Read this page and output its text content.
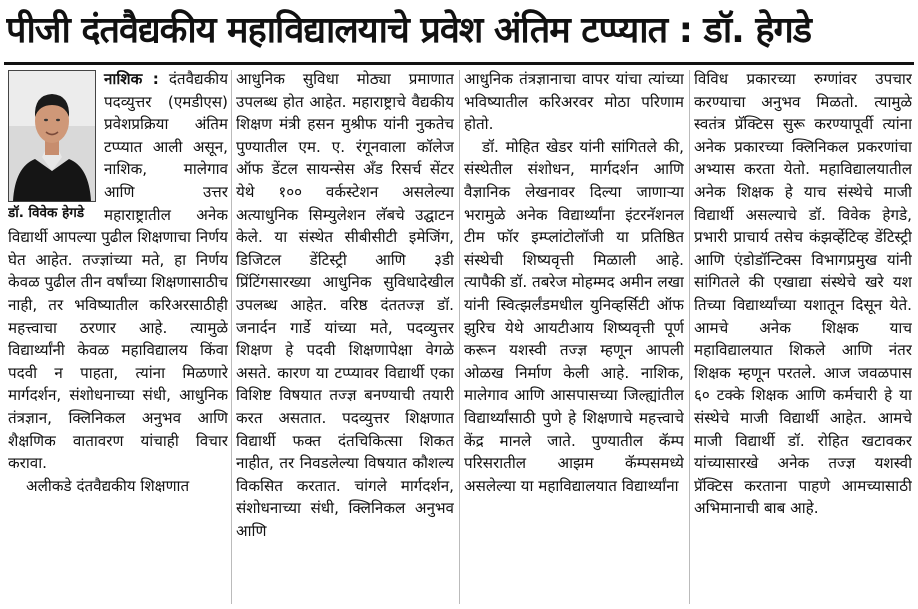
पीजी दंतवैद्यकीय महाविद्यालयाचे प्रवेश अंतिम टप्प्यात : डॉ. हेगडे
डॉ. विवेक हेगडे

नाशिक : दंतवैद्यकीय पदव्युत्तर (एमडीएस) प्रवेशप्रक्रिया अंतिम टप्प्यात आली असून, नाशिक, मालेगाव आणि उत्तर महाराष्ट्रातील अनेक विद्यार्थी आपल्या पुढील शिक्षणाचा निर्णय घेत आहेत. तज्ज्ञांच्या मते, हा निर्णय केवळ पुढील तीन वर्षांच्या शिक्षणासाठीच नाही, तर भविष्यातील करिअरसाठीही महत्त्वाचा ठरणार आहे. त्यामुळे विद्यार्थ्यांनी केवळ महाविद्यालय किंवा पदवी न पाहता, त्यांना मिळणारे मार्गदर्शन, संशोधनाच्या संधी, आधुनिक तंत्रज्ञान, क्लिनिकल अनुभव आणि शैक्षणिक वातावरण यांचाही विचार करावा.

अलीकडे दंतवैद्यकीय शिक्षणात

आधुनिक सुविधा मोठ्या प्रमाणात उपलब्ध होत आहेत. महाराष्ट्राचे वैद्यकीय शिक्षण मंत्री हसन मुश्रीफ यांनी नुकतेच पुण्यातील एम. ए. रंगूनवाला कॉलेज ऑफ डेंटल सायन्सेस अँड रिसर्च सेंटर येथे १०० वर्कस्टेशन असलेल्या अत्याधुनिक सिम्युलेशन लॅबचे उद्घाटन केले. या संस्थेत सीबीसीटी इमेजिंग, डिजिटल डेंटिस्ट्री आणि ३डी प्रिंटिंगसारख्या आधुनिक सुविधादेखील उपलब्ध आहेत. वरिष्ठ दंततज्ज्ञ डॉ. जनार्दन गार्डे यांच्या मते, पदव्युत्तर शिक्षण हे पदवी शिक्षणापेक्षा वेगळे असते. कारण या टप्प्यावर विद्यार्थी एका विशिष्ट विषयात तज्ज्ञ बनण्याची तयारी करत असतात. पदव्युत्तर शिक्षणात विद्यार्थी फक्त दंतचिकित्सा शिकत नाहीत, तर निवडलेल्या विषयात कौशल्य विकसित करतात. चांगले मार्गदर्शन, संशोधनाच्या संधी, क्लिनिकल अनुभव आणि

आधुनिक तंत्रज्ञानाचा वापर यांचा त्यांच्या भविष्यातील करिअरवर मोठा परिणाम होतो.

डॉ. मोहित खेडर यांनी सांगितले की, संस्थेतील संशोधन, मार्गदर्शन आणि वैज्ञानिक लेखनावर दिल्या जाणाऱ्या भरामुळे अनेक विद्यार्थ्यांना इंटरनॅशनल टीम फॉर इम्प्लांटोलॉजी या प्रतिष्ठित संस्थेची शिष्यवृत्ती मिळाली आहे. त्यापैकी डॉ. तबरेज मोहम्मद अमीन लखा यांनी स्वित्झर्लंडमधील युनिव्हर्सिटी ऑफ झुरिच येथे आयटीआय शिष्यवृत्ती पूर्ण करून यशस्वी तज्ज्ञ म्हणून आपली ओळख निर्माण केली आहे. नाशिक, मालेगाव आणि आसपासच्या जिल्ह्यांतील विद्यार्थ्यांसाठी पुणे हे शिक्षणाचे महत्त्वाचे केंद्र मानले जाते. पुण्यातील कॅम्प परिसरातील आझम कॅम्पसमध्ये असलेल्या या महाविद्यालयात विद्यार्थ्यांना

विविध प्रकारच्या रुग्णांवर उपचार करण्याचा अनुभव मिळतो. त्यामुळे स्वतंत्र प्रॅक्टिस सुरू करण्यापूर्वी त्यांना अनेक प्रकारच्या क्लिनिकल प्रकरणांचा अभ्यास करता येतो. महाविद्यालयातील अनेक शिक्षक हे याच संस्थेचे माजी विद्यार्थी असल्याचे डॉ. विवेक हेगडे, प्रभारी प्राचार्य तसेच कंझर्व्हेटिव्ह डेंटिस्ट्री आणि एंडोडॉन्टिक्स विभागप्रमुख यांनी सांगितले की एखाद्या संस्थेचे खरे यश तिच्या विद्यार्थ्यांच्या यशातून दिसून येते. आमचे अनेक शिक्षक याच महाविद्यालयात शिकले आणि नंतर शिक्षक म्हणून परतले. आज जवळपास ६० टक्के शिक्षक आणि कर्मचारी हे या संस्थेचे माजी विद्यार्थी आहेत. आमचे माजी विद्यार्थी डॉ. रोहित खटावकर यांच्यासारखे अनेक तज्ज्ञ यशस्वी प्रॅक्टिस करताना पाहणे आमच्यासाठी अभिमानाची बाब आहे.
